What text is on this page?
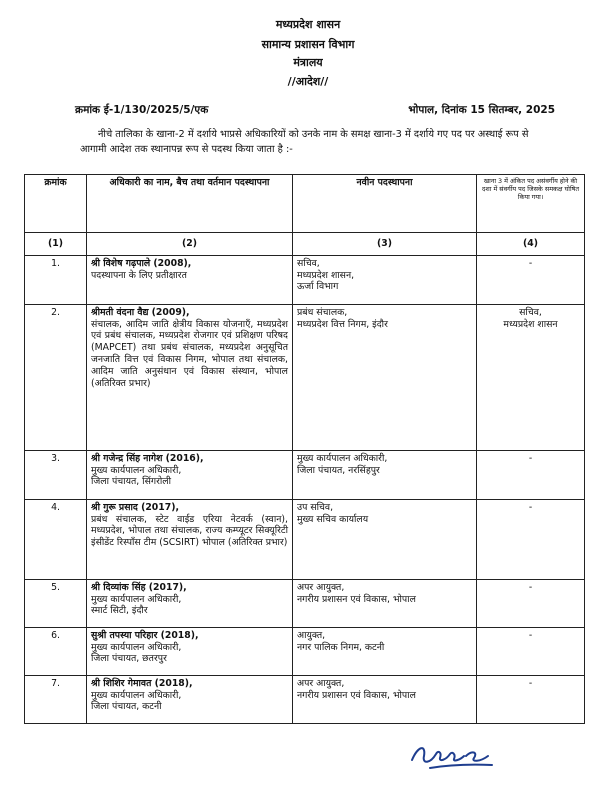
मध्यप्रदेश शासन
सामान्य प्रशासन विभाग
मंत्रालय
//आदेश//
क्रमांक ई-1/130/2025/5/एक	भोपाल, दिनांक 15 सितम्बर, 2025
नीचे तालिका के खाना-2 में दर्शाये भाप्रसे अधिकारियों को उनके नाम के समक्ष खाना-3 में दर्शाये गए पद पर अस्थाई रूप से आगामी आदेश तक स्थानापन्न रूप से पदस्थ किया जाता है :-
क्रमांक	अधिकारी का नाम, बैच तथा वर्तमान पदस्थापना	नवीन पदस्थापना	खाना 3 में अंकित पद असंवर्गीय होने की दशा में संवर्गीय पद जिसके समकक्ष घोषित किया गया।
(1)	(2)	(3)	(4)
1.	श्री विशेष गढ़पाले (2008),
पदस्थापना के लिए प्रतीक्षारत	सचिव,
मध्यप्रदेश शासन,
ऊर्जा विभाग	-
2.	श्रीमती वंदना वैद्य (2009),
संचालक, आदिम जाति क्षेत्रीय विकास योजनाएँ, मध्यप्रदेश एवं प्रबंध संचालक, मध्यप्रदेश रोजगार एवं प्रशिक्षण परिषद (MAPCET) तथा प्रबंध संचालक, मध्यप्रदेश अनुसूचित जनजाति वित्त एवं विकास निगम, भोपाल तथा संचालक, आदिम जाति अनुसंधान एवं विकास संस्थान, भोपाल (अतिरिक्त प्रभार)	प्रबंध संचालक,
मध्यप्रदेश वित्त निगम, इंदौर	सचिव,
मध्यप्रदेश शासन
3.	श्री गजेन्द्र सिंह नागेश (2016),
मुख्य कार्यपालन अधिकारी,
जिला पंचायत, सिंगरोली	मुख्य कार्यपालन अधिकारी,
जिला पंचायत, नरसिंहपुर	-
4.	श्री गुरू प्रसाद (2017),
प्रबंध संचालक, स्टेट वाईड एरिया नेटवर्क (स्वान), मध्यप्रदेश, भोपाल तथा संचालक, राज्य कम्प्यूटर सिक्यूरिटी इंसीडेंट रिस्पॉंस टीम (SCSIRT) भोपाल (अतिरिक्त प्रभार)	उप सचिव,
मुख्य सचिव कार्यालय	-
5.	श्री दिव्यांक सिंह (2017),
मुख्य कार्यपालन अधिकारी,
स्मार्ट सिटी, इंदौर	अपर आयुक्त,
नगरीय प्रशासन एवं विकास, भोपाल	-
6.	सुश्री तपस्या परिहार (2018),
मुख्य कार्यपालन अधिकारी,
जिला पंचायत, छतरपुर	आयुक्त,
नगर पालिक निगम, कटनी	-
7.	श्री शिशिर गेमावत (2018),
मुख्य कार्यपालन अधिकारी,
जिला पंचायत, कटनी	अपर आयुक्त,
नगरीय प्रशासन एवं विकास, भोपाल	-
